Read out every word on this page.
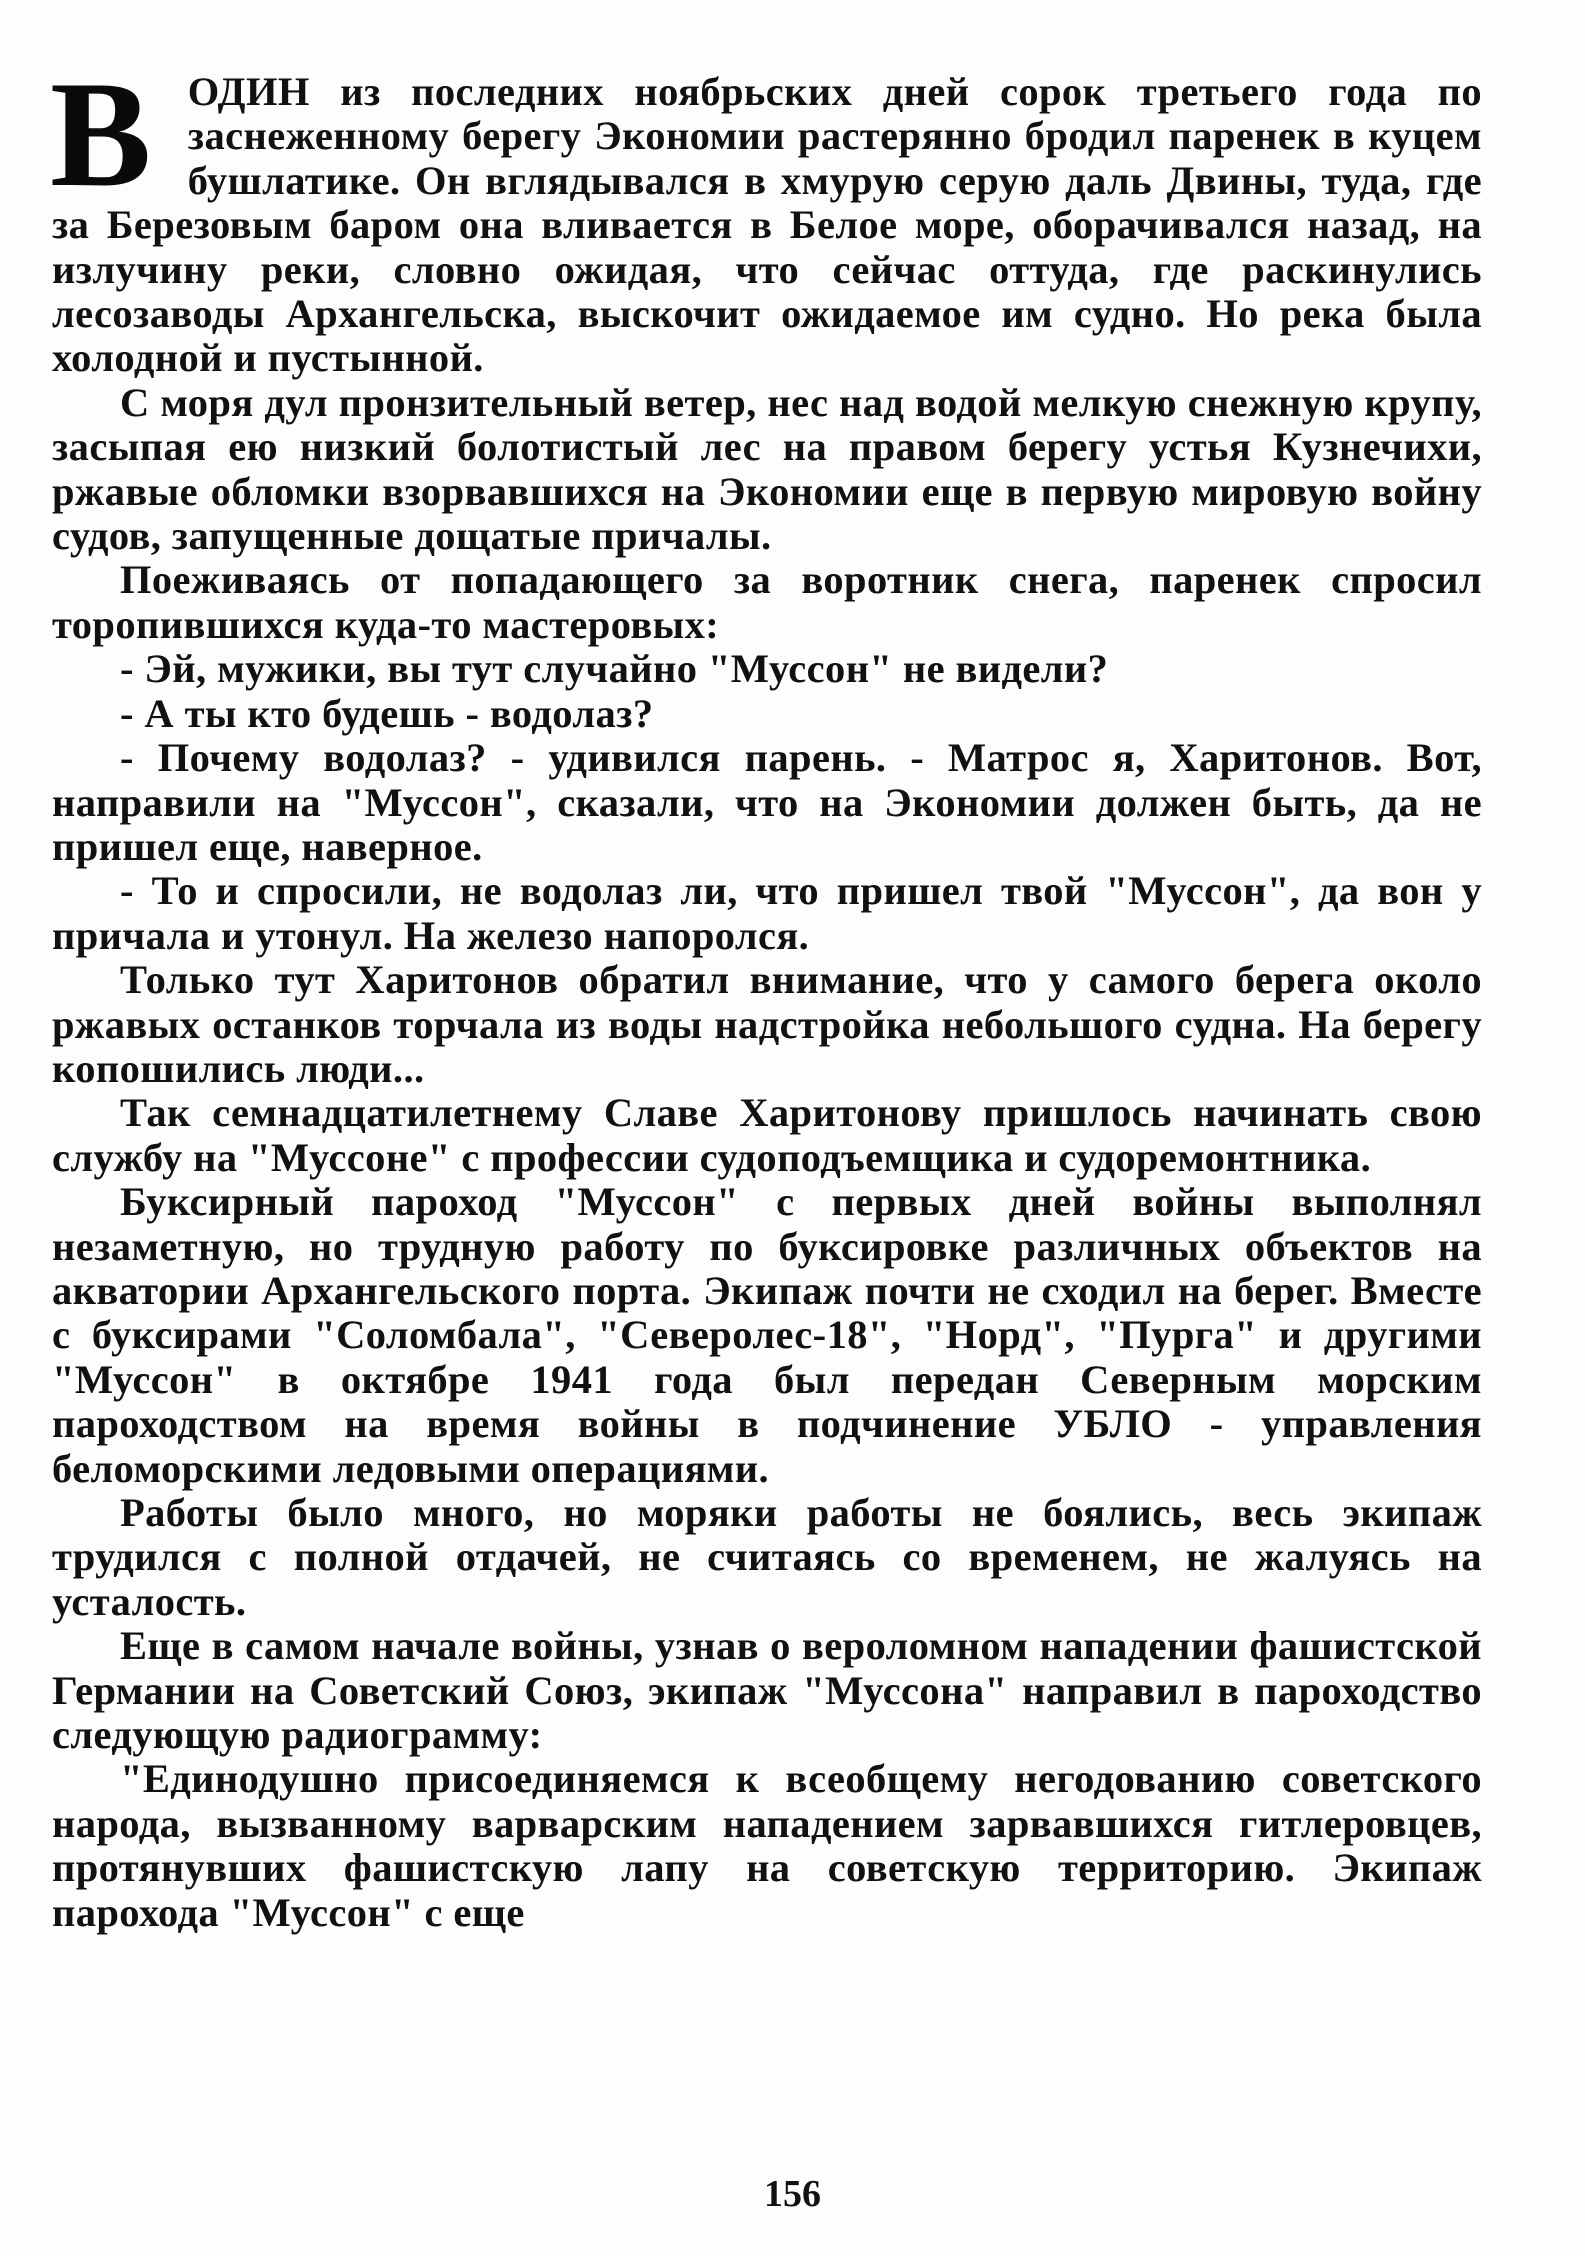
В ОДИН из последних ноябрьских дней сорок третьего года по заснеженному берегу Экономии растерянно бродил паренек в куцем бушлатике. Он вглядывался в хмурую серую даль Двины, туда, где за Березовым баром она вливается в Белое море, оборачивался назад, на излучину реки, словно ожидая, что сейчас оттуда, где раскинулись лесозаводы Архангельска, выскочит ожидаемое им судно. Но река была холодной и пустынной.

С моря дул пронзительный ветер, нес над водой мелкую снежную крупу, засыпая ею низкий болотистый лес на правом берегу устья Кузнечихи, ржавые обломки взорвавшихся на Экономии еще в первую мировую войну судов, запущенные дощатые причалы.

Поеживаясь от попадающего за воротник снега, паренек спросил торопившихся куда-то мастеровых:

- Эй, мужики, вы тут случайно "Муссон" не видели?

- А ты кто будешь - водолаз?

- Почему водолаз? - удивился парень. - Матрос я, Харитонов. Вот, направили на "Муссон", сказали, что на Экономии должен быть, да не пришел еще, наверное.

- То и спросили, не водолаз ли, что пришел твой "Муссон", да вон у причала и утонул. На железо напоролся.

Только тут Харитонов обратил внимание, что у самого берега около ржавых останков торчала из воды надстройка небольшого судна. На берегу копошились люди...

Так семнадцатилетнему Славе Харитонову пришлось начинать свою службу на "Муссоне" с профессии судоподъемщика и судоремонтника.

Буксирный пароход "Муссон" с первых дней войны выполнял незаметную, но трудную работу по буксировке различных объектов на акватории Архангельского порта. Экипаж почти не сходил на берег. Вместе с буксирами "Соломбала", "Северолес-18", "Норд", "Пурга" и другими "Муссон" в октябре 1941 года был передан Северным морским пароходством на время войны в подчинение УБЛО - управления беломорскими ледовыми операциями.

Работы было много, но моряки работы не боялись, весь экипаж трудился с полной отдачей, не считаясь со временем, не жалуясь на усталость.

Еще в самом начале войны, узнав о вероломном нападении фашистской Германии на Советский Союз, экипаж "Муссона" направил в пароходство следующую радиограмму:

"Единодушно присоединяемся к всеобщему негодованию советского народа, вызванному варварским нападением зарвавшихся гитлеровцев, протянувших фашистскую лапу на советскую территорию. Экипаж парохода "Муссон" с еще

156
